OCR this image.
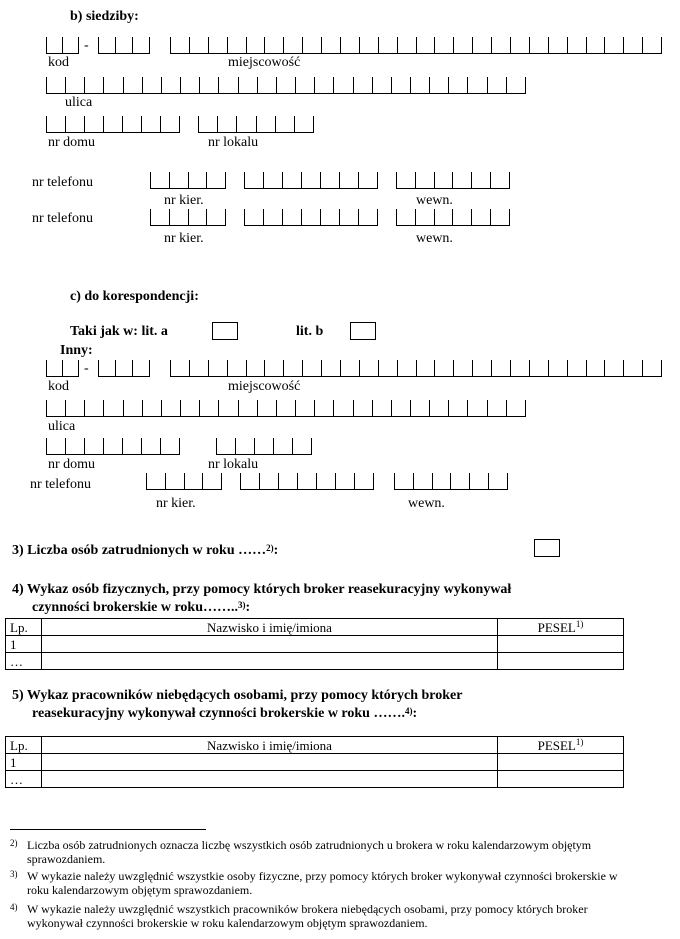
b) siedziby:
-
kod	miejscowość
ulica
nr domu	nr lokalu
nr telefonu
nr kier.	wewn.
nr telefonu
nr kier.	wewn.
c) do korespondencji:
Taki jak w: lit. a	lit. b
Inny:
-
kod	miejscowość
ulica
nr domu	nr lokalu
nr telefonu
nr kier.	wewn.
3) Liczba osób zatrudnionych w roku ……$^{2)}$:
4) Wykaz osób fizycznych, przy pomocy których broker reasekuracyjny wykonywał
czynności brokerskie w roku……..$^{3)}$:
Lp.	Nazwisko i imię/imiona	PESEL$^{1)}$
1		
…		
5) Wykaz pracowników niebędących osobami, przy pomocy których broker
reasekuracyjny wykonywał czynności brokerskie w roku …….$^{4)}$:
Lp.	Nazwisko i imię/imiona	PESEL$^{1)}$
1		
…		
2) Liczba osób zatrudnionych oznacza liczbę wszystkich osób zatrudnionych u brokera w roku kalendarzowym objętym sprawozdaniem.
3) W wykazie należy uwzględnić wszystkie osoby fizyczne, przy pomocy których broker wykonywał czynności brokerskie w roku kalendarzowym objętym sprawozdaniem.
4) W wykazie należy uwzględnić wszystkich pracowników brokera niebędących osobami, przy pomocy których broker wykonywał czynności brokerskie w roku kalendarzowym objętym sprawozdaniem.
